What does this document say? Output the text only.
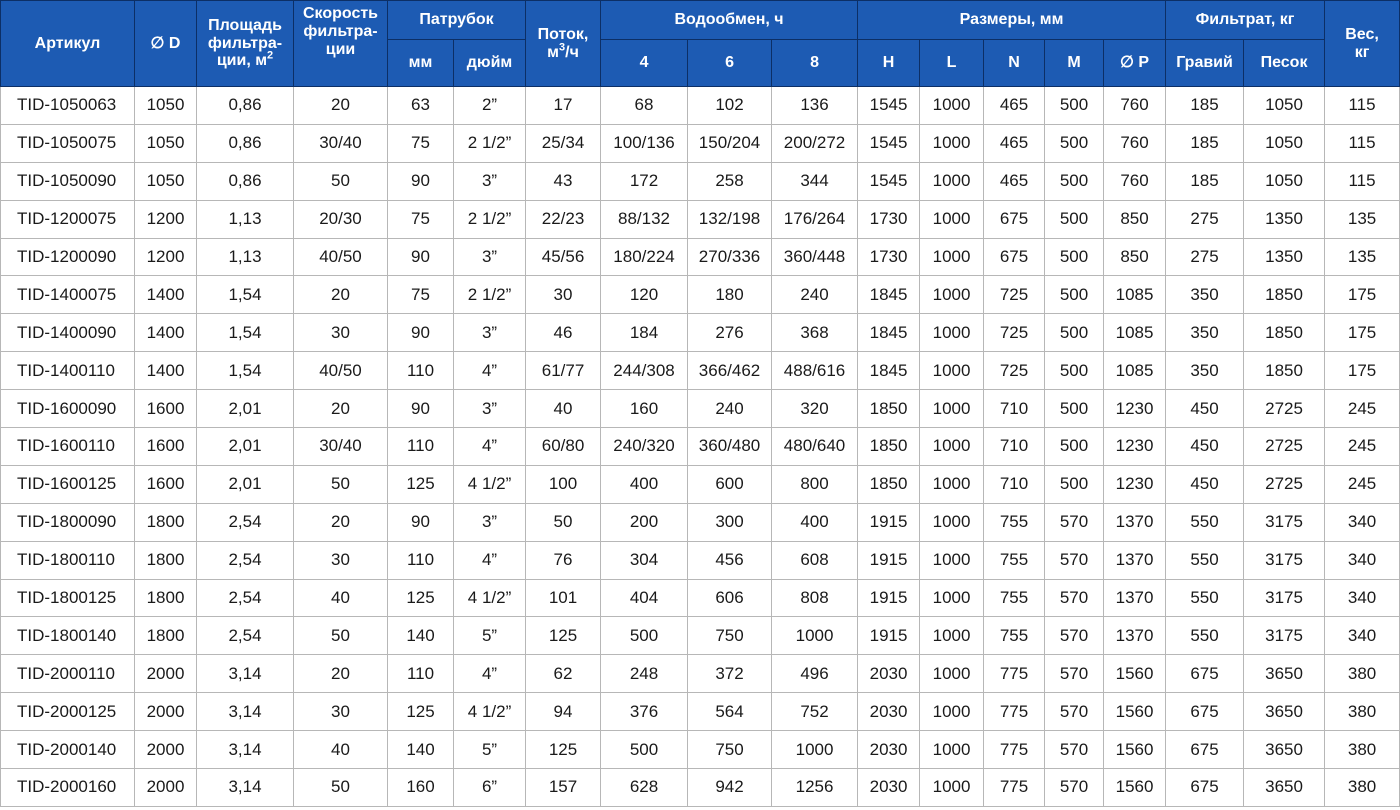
Артикул	∅ D	Площадь
фильтра-
ции, $м^2$	Скорость
фильтра-
ции	Патрубок		Поток,
$м^3/ч$	Водообмен, ч			Размеры, мм					Фильтрат, кг		Вес,
кг
				мм	дюйм		4	6	8	H	L	N	M	∅ P	Гравий	Песок	
TID-1050063	1050	0,86	20	63	2”	17	68	102	136	1545	1000	465	500	760	185	1050	115
TID-1050075	1050	0,86	30/40	75	2 1/2”	25/34	100/136	150/204	200/272	1545	1000	465	500	760	185	1050	115
TID-1050090	1050	0,86	50	90	3”	43	172	258	344	1545	1000	465	500	760	185	1050	115
TID-1200075	1200	1,13	20/30	75	2 1/2”	22/23	88/132	132/198	176/264	1730	1000	675	500	850	275	1350	135
TID-1200090	1200	1,13	40/50	90	3”	45/56	180/224	270/336	360/448	1730	1000	675	500	850	275	1350	135
TID-1400075	1400	1,54	20	75	2 1/2”	30	120	180	240	1845	1000	725	500	1085	350	1850	175
TID-1400090	1400	1,54	30	90	3”	46	184	276	368	1845	1000	725	500	1085	350	1850	175
TID-1400110	1400	1,54	40/50	110	4”	61/77	244/308	366/462	488/616	1845	1000	725	500	1085	350	1850	175
TID-1600090	1600	2,01	20	90	3”	40	160	240	320	1850	1000	710	500	1230	450	2725	245
TID-1600110	1600	2,01	30/40	110	4”	60/80	240/320	360/480	480/640	1850	1000	710	500	1230	450	2725	245
TID-1600125	1600	2,01	50	125	4 1/2”	100	400	600	800	1850	1000	710	500	1230	450	2725	245
TID-1800090	1800	2,54	20	90	3”	50	200	300	400	1915	1000	755	570	1370	550	3175	340
TID-1800110	1800	2,54	30	110	4”	76	304	456	608	1915	1000	755	570	1370	550	3175	340
TID-1800125	1800	2,54	40	125	4 1/2”	101	404	606	808	1915	1000	755	570	1370	550	3175	340
TID-1800140	1800	2,54	50	140	5”	125	500	750	1000	1915	1000	755	570	1370	550	3175	340
TID-2000110	2000	3,14	20	110	4”	62	248	372	496	2030	1000	775	570	1560	675	3650	380
TID-2000125	2000	3,14	30	125	4 1/2”	94	376	564	752	2030	1000	775	570	1560	675	3650	380
TID-2000140	2000	3,14	40	140	5”	125	500	750	1000	2030	1000	775	570	1560	675	3650	380
TID-2000160	2000	3,14	50	160	6”	157	628	942	1256	2030	1000	775	570	1560	675	3650	380
